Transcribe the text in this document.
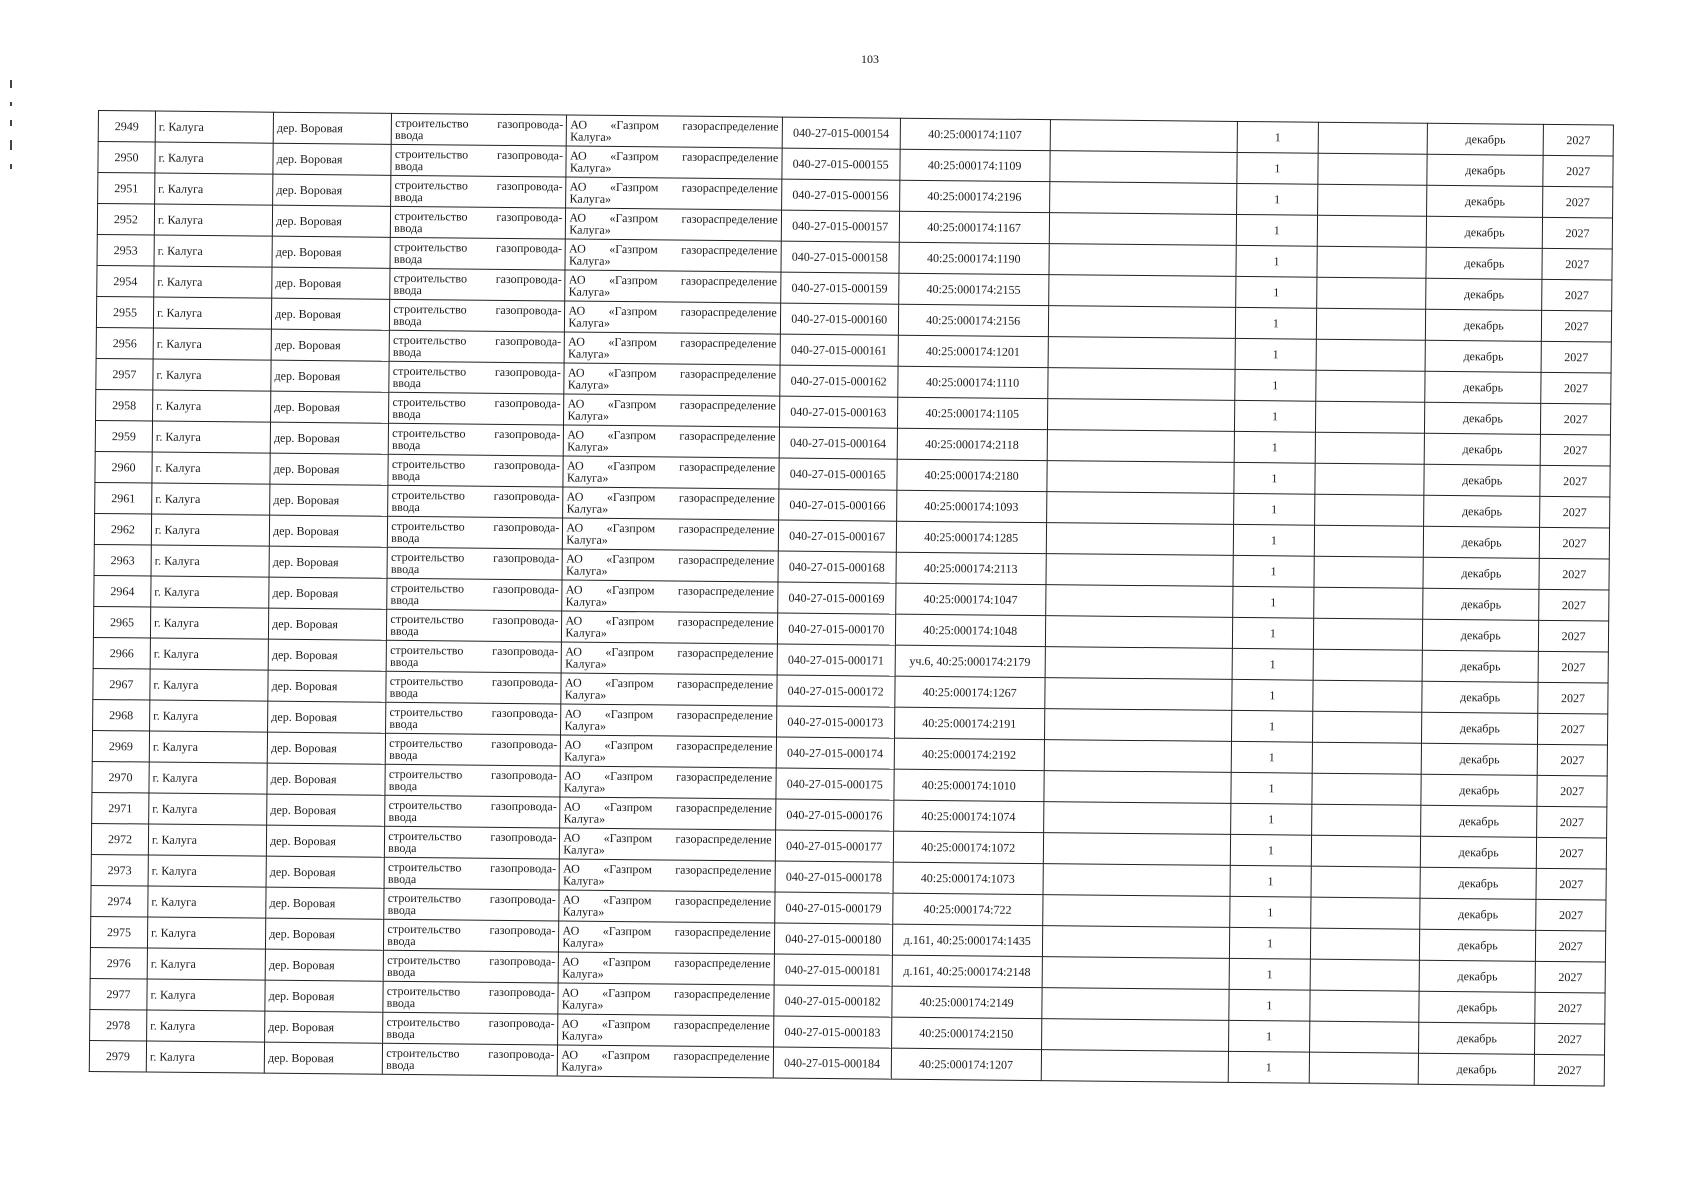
103
2949	г. Калуга	дер. Воровая	строительство газопровода-
ввода	АО «Газпром газораспределение
Калуга»	040-27-015-000154	40:25:000174:1107		1		декабрь	2027
2950	г. Калуга	дер. Воровая	строительство газопровода-
ввода	АО «Газпром газораспределение
Калуга»	040-27-015-000155	40:25:000174:1109		1		декабрь	2027
2951	г. Калуга	дер. Воровая	строительство газопровода-
ввода	АО «Газпром газораспределение
Калуга»	040-27-015-000156	40:25:000174:2196		1		декабрь	2027
2952	г. Калуга	дер. Воровая	строительство газопровода-
ввода	АО «Газпром газораспределение
Калуга»	040-27-015-000157	40:25:000174:1167		1		декабрь	2027
2953	г. Калуга	дер. Воровая	строительство газопровода-
ввода	АО «Газпром газораспределение
Калуга»	040-27-015-000158	40:25:000174:1190		1		декабрь	2027
2954	г. Калуга	дер. Воровая	строительство газопровода-
ввода	АО «Газпром газораспределение
Калуга»	040-27-015-000159	40:25:000174:2155		1		декабрь	2027
2955	г. Калуга	дер. Воровая	строительство газопровода-
ввода	АО «Газпром газораспределение
Калуга»	040-27-015-000160	40:25:000174:2156		1		декабрь	2027
2956	г. Калуга	дер. Воровая	строительство газопровода-
ввода	АО «Газпром газораспределение
Калуга»	040-27-015-000161	40:25:000174:1201		1		декабрь	2027
2957	г. Калуга	дер. Воровая	строительство газопровода-
ввода	АО «Газпром газораспределение
Калуга»	040-27-015-000162	40:25:000174:1110		1		декабрь	2027
2958	г. Калуга	дер. Воровая	строительство газопровода-
ввода	АО «Газпром газораспределение
Калуга»	040-27-015-000163	40:25:000174:1105		1		декабрь	2027
2959	г. Калуга	дер. Воровая	строительство газопровода-
ввода	АО «Газпром газораспределение
Калуга»	040-27-015-000164	40:25:000174:2118		1		декабрь	2027
2960	г. Калуга	дер. Воровая	строительство газопровода-
ввода	АО «Газпром газораспределение
Калуга»	040-27-015-000165	40:25:000174:2180		1		декабрь	2027
2961	г. Калуга	дер. Воровая	строительство газопровода-
ввода	АО «Газпром газораспределение
Калуга»	040-27-015-000166	40:25:000174:1093		1		декабрь	2027
2962	г. Калуга	дер. Воровая	строительство газопровода-
ввода	АО «Газпром газораспределение
Калуга»	040-27-015-000167	40:25:000174:1285		1		декабрь	2027
2963	г. Калуга	дер. Воровая	строительство газопровода-
ввода	АО «Газпром газораспределение
Калуга»	040-27-015-000168	40:25:000174:2113		1		декабрь	2027
2964	г. Калуга	дер. Воровая	строительство газопровода-
ввода	АО «Газпром газораспределение
Калуга»	040-27-015-000169	40:25:000174:1047		1		декабрь	2027
2965	г. Калуга	дер. Воровая	строительство газопровода-
ввода	АО «Газпром газораспределение
Калуга»	040-27-015-000170	40:25:000174:1048		1		декабрь	2027
2966	г. Калуга	дер. Воровая	строительство газопровода-
ввода	АО «Газпром газораспределение
Калуга»	040-27-015-000171	уч.6, 40:25:000174:2179		1		декабрь	2027
2967	г. Калуга	дер. Воровая	строительство газопровода-
ввода	АО «Газпром газораспределение
Калуга»	040-27-015-000172	40:25:000174:1267		1		декабрь	2027
2968	г. Калуга	дер. Воровая	строительство газопровода-
ввода	АО «Газпром газораспределение
Калуга»	040-27-015-000173	40:25:000174:2191		1		декабрь	2027
2969	г. Калуга	дер. Воровая	строительство газопровода-
ввода	АО «Газпром газораспределение
Калуга»	040-27-015-000174	40:25:000174:2192		1		декабрь	2027
2970	г. Калуга	дер. Воровая	строительство газопровода-
ввода	АО «Газпром газораспределение
Калуга»	040-27-015-000175	40:25:000174:1010		1		декабрь	2027
2971	г. Калуга	дер. Воровая	строительство газопровода-
ввода	АО «Газпром газораспределение
Калуга»	040-27-015-000176	40:25:000174:1074		1		декабрь	2027
2972	г. Калуга	дер. Воровая	строительство газопровода-
ввода	АО «Газпром газораспределение
Калуга»	040-27-015-000177	40:25:000174:1072		1		декабрь	2027
2973	г. Калуга	дер. Воровая	строительство газопровода-
ввода	АО «Газпром газораспределение
Калуга»	040-27-015-000178	40:25:000174:1073		1		декабрь	2027
2974	г. Калуга	дер. Воровая	строительство газопровода-
ввода	АО «Газпром газораспределение
Калуга»	040-27-015-000179	40:25:000174:722		1		декабрь	2027
2975	г. Калуга	дер. Воровая	строительство газопровода-
ввода	АО «Газпром газораспределение
Калуга»	040-27-015-000180	д.161, 40:25:000174:1435		1		декабрь	2027
2976	г. Калуга	дер. Воровая	строительство газопровода-
ввода	АО «Газпром газораспределение
Калуга»	040-27-015-000181	д.161, 40:25:000174:2148		1		декабрь	2027
2977	г. Калуга	дер. Воровая	строительство газопровода-
ввода	АО «Газпром газораспределение
Калуга»	040-27-015-000182	40:25:000174:2149		1		декабрь	2027
2978	г. Калуга	дер. Воровая	строительство газопровода-
ввода	АО «Газпром газораспределение
Калуга»	040-27-015-000183	40:25:000174:2150		1		декабрь	2027
2979	г. Калуга	дер. Воровая	строительство газопровода-
ввода	АО «Газпром газораспределение
Калуга»	040-27-015-000184	40:25:000174:1207		1		декабрь	2027
